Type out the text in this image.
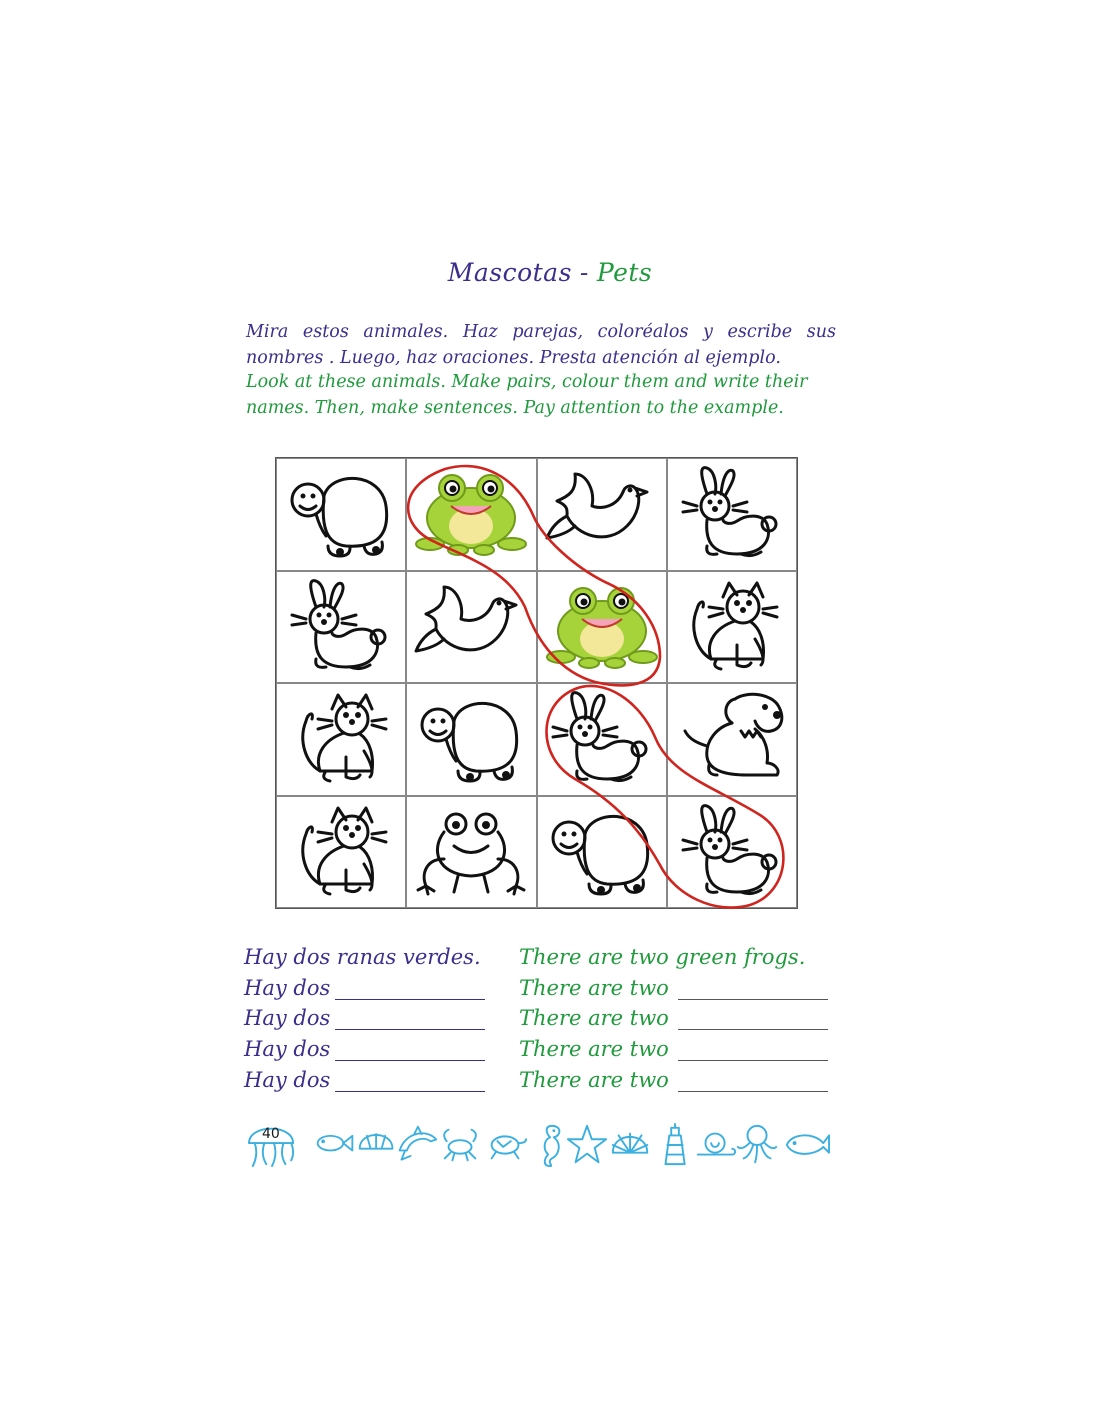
Mascotas - Pets
Mira estos animales. Haz parejas, coloréalos y escribe sus nombres . Luego, haz oraciones. Presta atención al ejemplo.
Look at these animals. Make pairs, colour them and write their names. Then, make sentences. Pay attention to the example.
Hay dos ranas verdes. There are two green frogs.
Hay dos	There are two
Hay dos	There are two
Hay dos	There are two
Hay dos	There are two
40
